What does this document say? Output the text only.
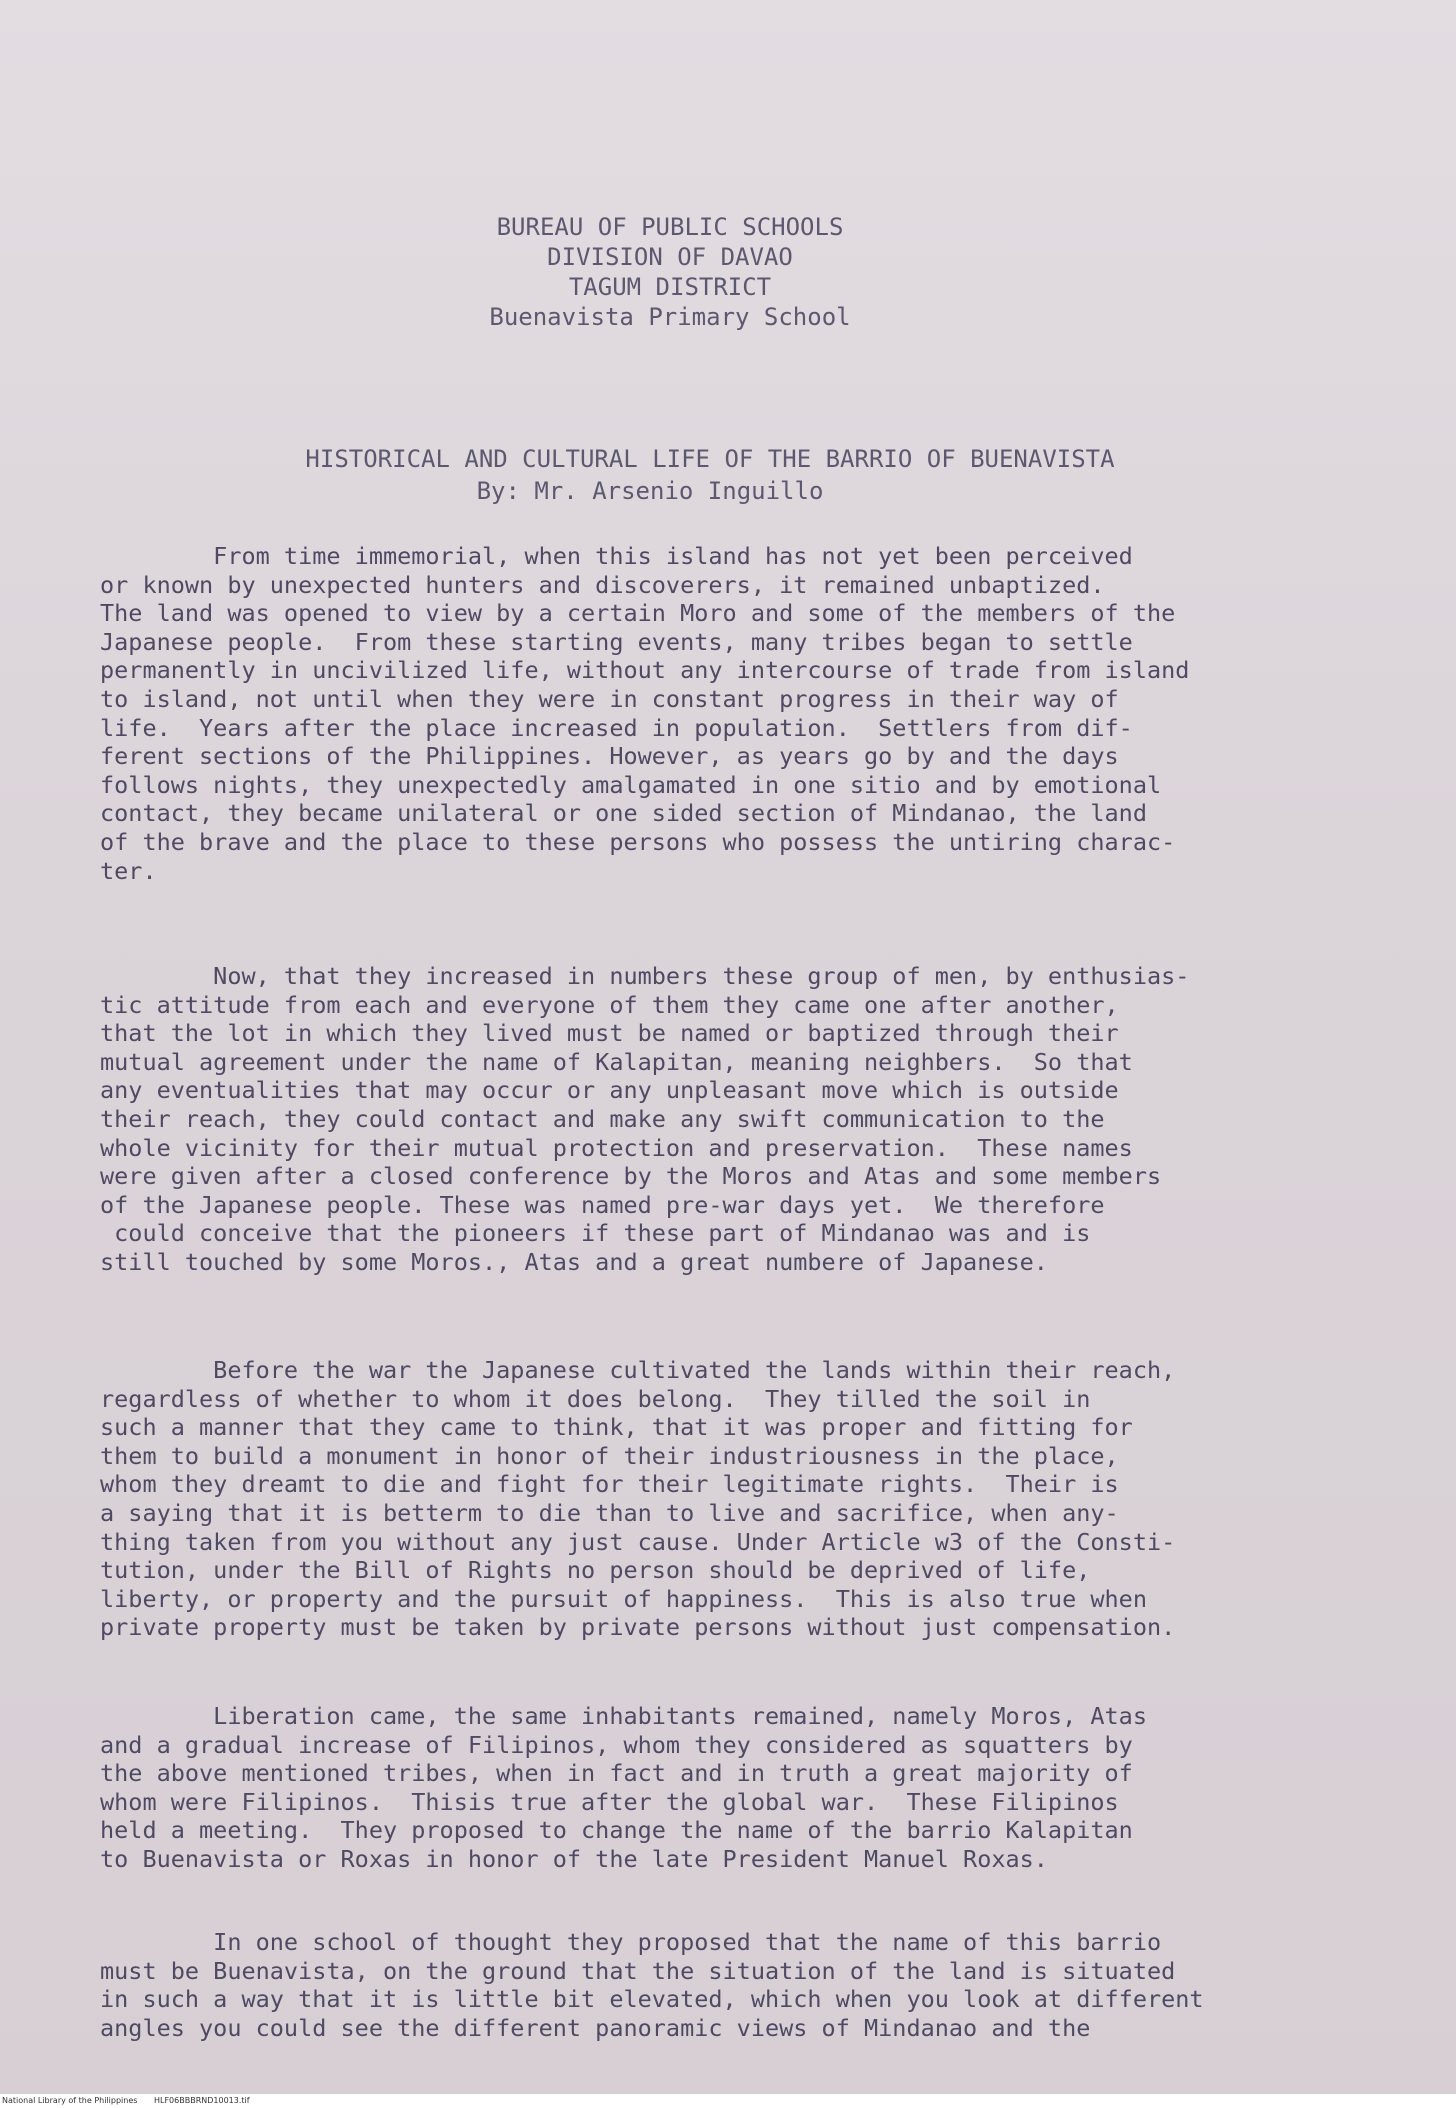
BUREAU OF PUBLIC SCHOOLS
DIVISION OF DAVAO
TAGUM DISTRICT
Buenavista Primary School
HISTORICAL AND CULTURAL LIFE OF THE BARRIO OF BUENAVISTA
By: Mr. Arsenio Inguillo
From time immemorial, when this island has not yet been perceived
or known by unexpected hunters and discoverers, it remained unbaptized.
The land was opened to view by a certain Moro and some of the members of the
Japanese people.  From these starting events, many tribes began to settle
permanently in uncivilized life, without any intercourse of trade from island
to island, not until when they were in constant progress in their way of
life.  Years after the place increased in population.  Settlers from dif-
ferent sections of the Philippines. However, as years go by and the days
follows nights, they unexpectedly amalgamated in one sitio and by emotional
contact, they became unilateral or one sided section of Mindanao, the land
of the brave and the place to these persons who possess the untiring charac-
ter.
Now, that they increased in numbers these group of men, by enthusias-
tic attitude from each and everyone of them they came one after another,
that the lot in which they lived must be named or baptized through their
mutual agreement under the name of Kalapitan, meaning neighbers.  So that
any eventualities that may occur or any unpleasant move which is outside
their reach, they could contact and make any swift communication to the
whole vicinity for their mutual protection and preservation.  These names
were given after a closed conference by the Moros and Atas and some members
of the Japanese people. These was named pre-war days yet.  We therefore
could conceive that the pioneers if these part of Mindanao was and is
still touched by some Moros., Atas and a great numbere of Japanese.
Before the war the Japanese cultivated the lands within their reach,
regardless of whether to whom it does belong.  They tilled the soil in
such a manner that they came to think, that it was proper and fitting for
them to build a monument in honor of their industriousness in the place,
whom they dreamt to die and fight for their legitimate rights.  Their is
a saying that it is betterm to die than to live and sacrifice, when any-
thing taken from you without any just cause. Under Article w3 of the Consti-
tution, under the Bill of Rights no person should be deprived of life,
liberty, or property and the pursuit of happiness.  This is also true when
private property must be taken by private persons without just compensation.
Liberation came, the same inhabitants remained, namely Moros, Atas
and a gradual increase of Filipinos, whom they considered as squatters by
the above mentioned tribes, when in fact and in truth a great majority of
whom were Filipinos.  Thisis true after the global war.  These Filipinos
held a meeting.  They proposed to change the name of the barrio Kalapitan
to Buenavista or Roxas in honor of the late President Manuel Roxas.
In one school of thought they proposed that the name of this barrio
must be Buenavista, on the ground that the situation of the land is situated
in such a way that it is little bit elevated, which when you look at different
angles you could see the different panoramic views of Mindanao and the
National Library of the Philippines HLF06BBBRND10013.tif
